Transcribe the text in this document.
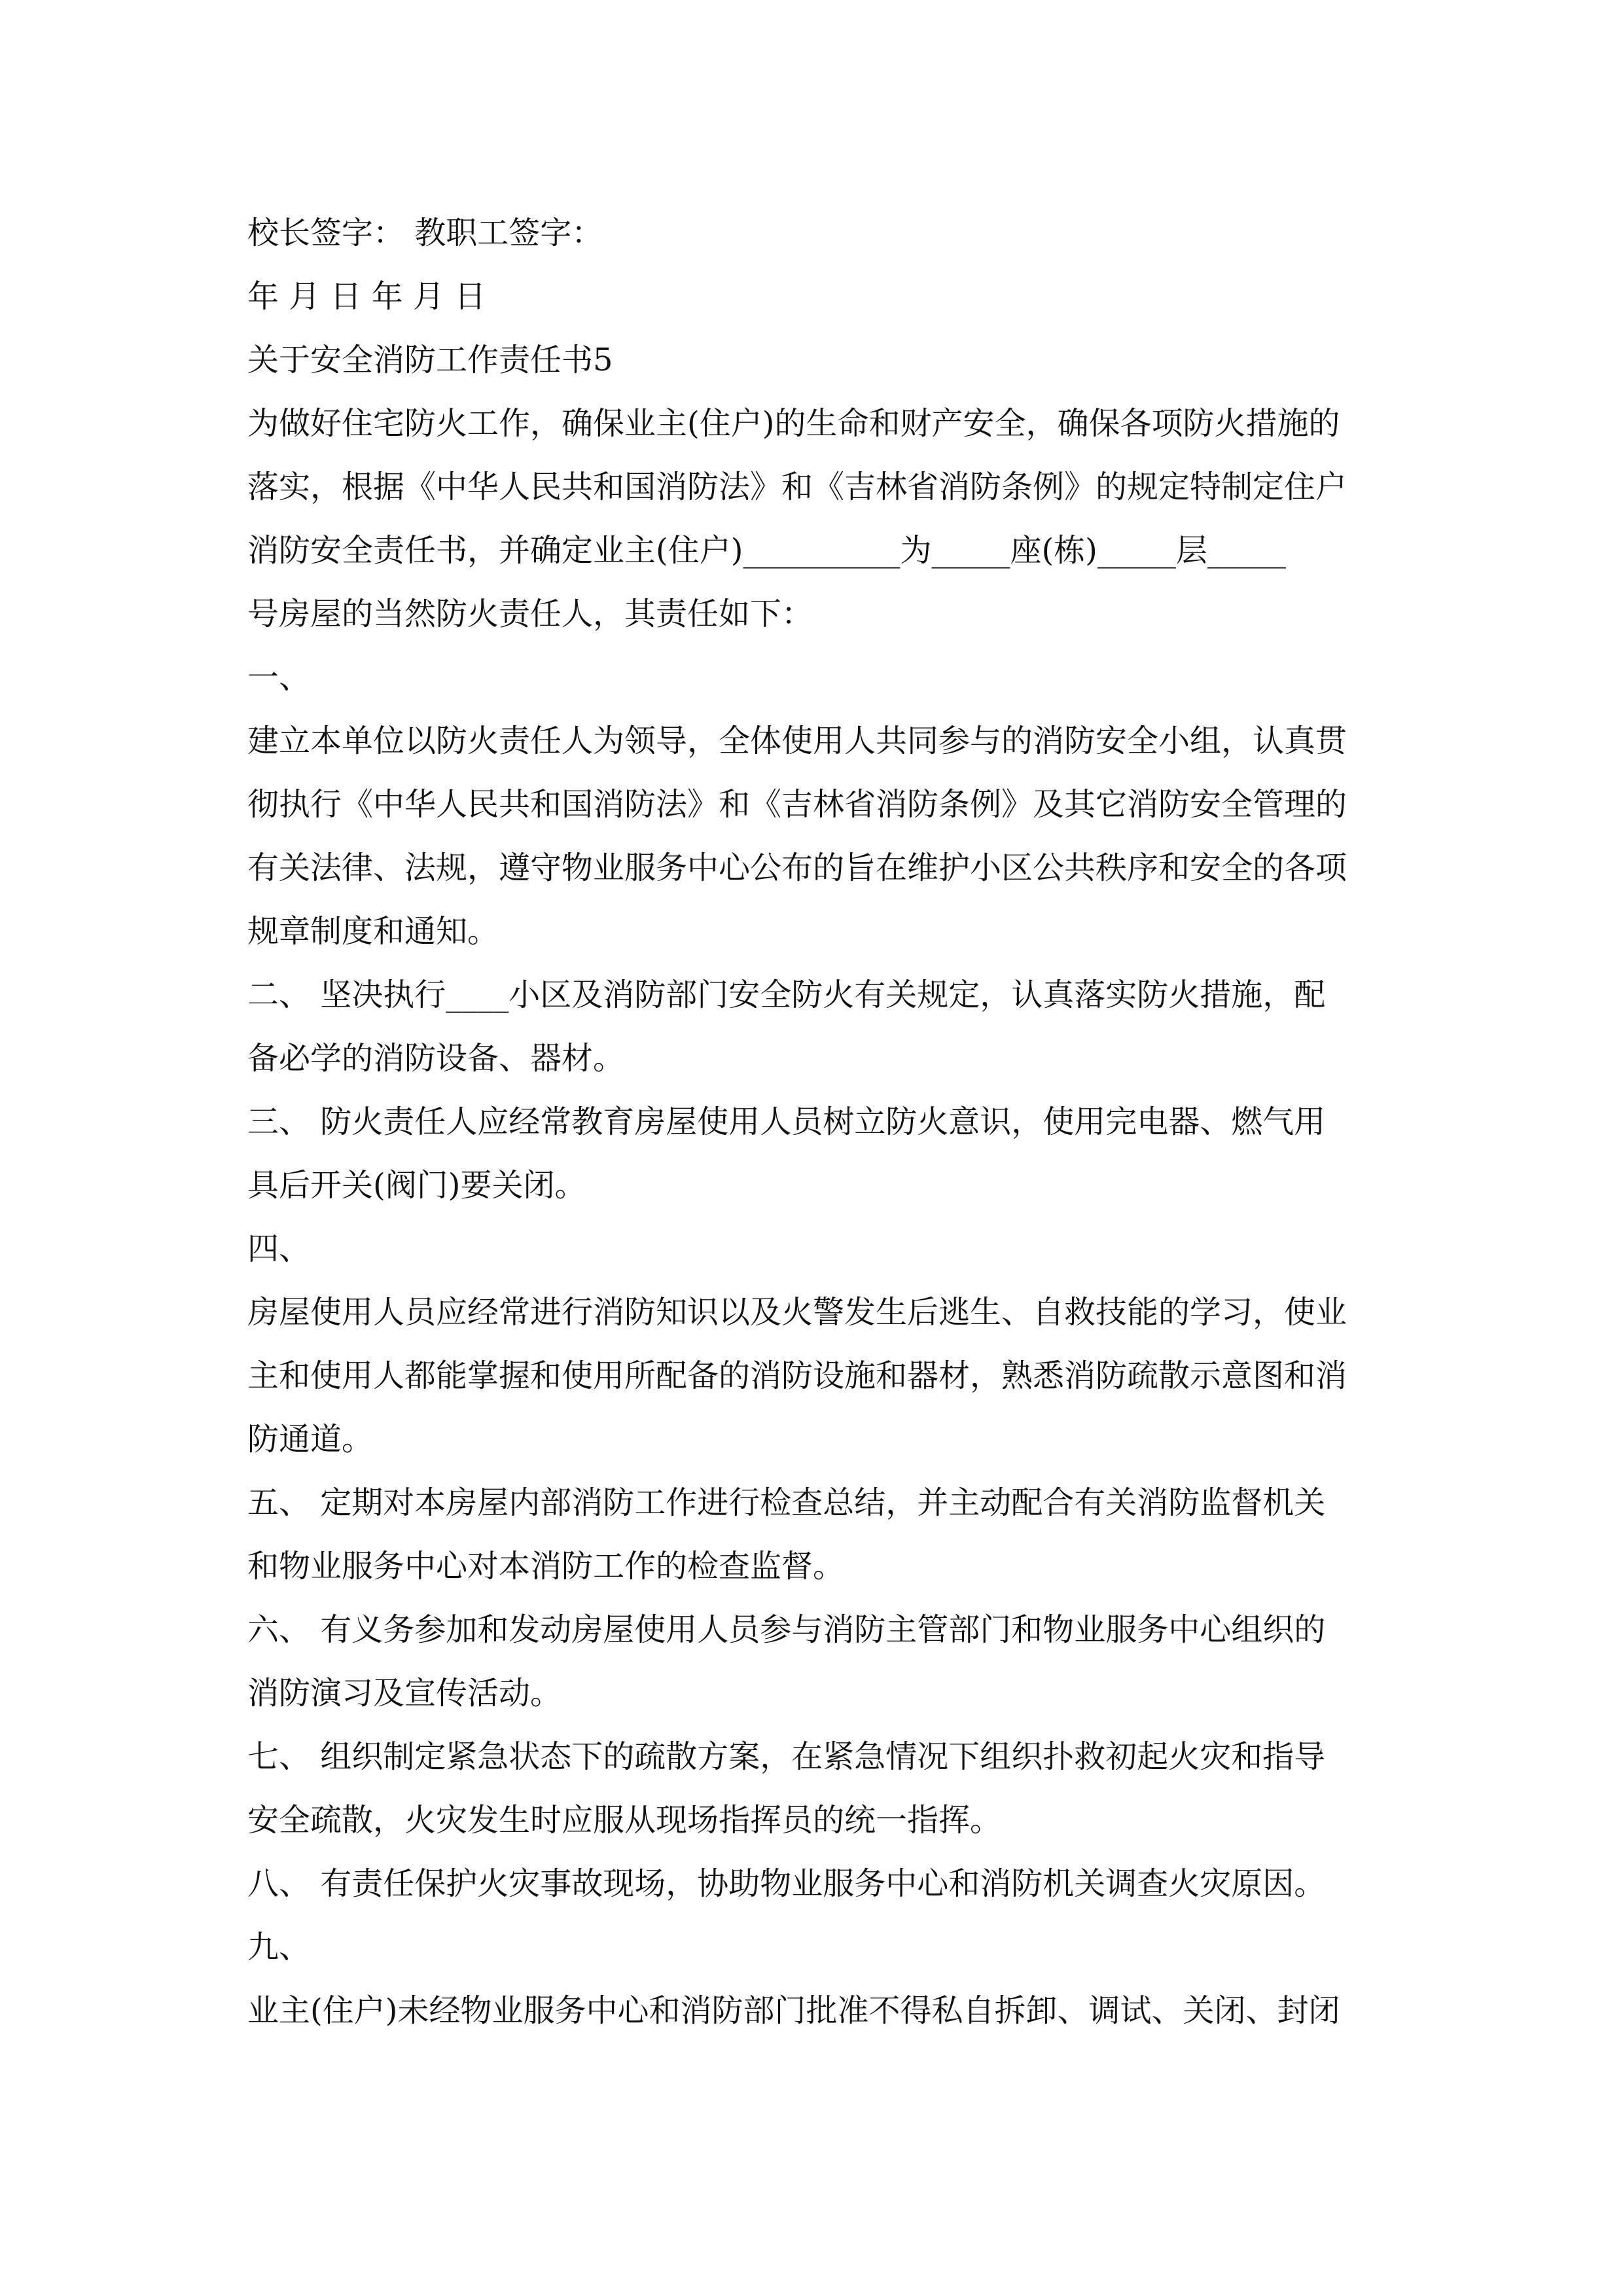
校长签字： 教职工签字：

年 月 日 年 月 日

关于安全消防工作责任书5

为做好住宅防火工作，确保业主(住户)的生命和财产安全，确保各项防火措施的

落实，根据《中华人民共和国消防法》和《吉林省消防条例》的规定特制定住户

消防安全责任书，并确定业主(住户)__________为_____座(栋)_____层_____

号房屋的当然防火责任人，其责任如下：

一、

建立本单位以防火责任人为领导，全体使用人共同参与的消防安全小组，认真贯

彻执行《中华人民共和国消防法》和《吉林省消防条例》及其它消防安全管理的

有关法律、法规，遵守物业服务中心公布的旨在维护小区公共秩序和安全的各项

规章制度和通知。

二、 坚决执行____小区及消防部门安全防火有关规定，认真落实防火措施，配

备必学的消防设备、器材。

三、 防火责任人应经常教育房屋使用人员树立防火意识，使用完电器、燃气用

具后开关(阀门)要关闭。

四、

房屋使用人员应经常进行消防知识以及火警发生后逃生、自救技能的学习，使业

主和使用人都能掌握和使用所配备的消防设施和器材，熟悉消防疏散示意图和消

防通道。

五、 定期对本房屋内部消防工作进行检查总结，并主动配合有关消防监督机关

和物业服务中心对本消防工作的检查监督。

六、 有义务参加和发动房屋使用人员参与消防主管部门和物业服务中心组织的

消防演习及宣传活动。

七、 组织制定紧急状态下的疏散方案，在紧急情况下组织扑救初起火灾和指导

安全疏散，火灾发生时应服从现场指挥员的统一指挥。

八、 有责任保护火灾事故现场，协助物业服务中心和消防机关调查火灾原因。

九、

业主(住户)未经物业服务中心和消防部门批准不得私自拆卸、调试、关闭、封闭
